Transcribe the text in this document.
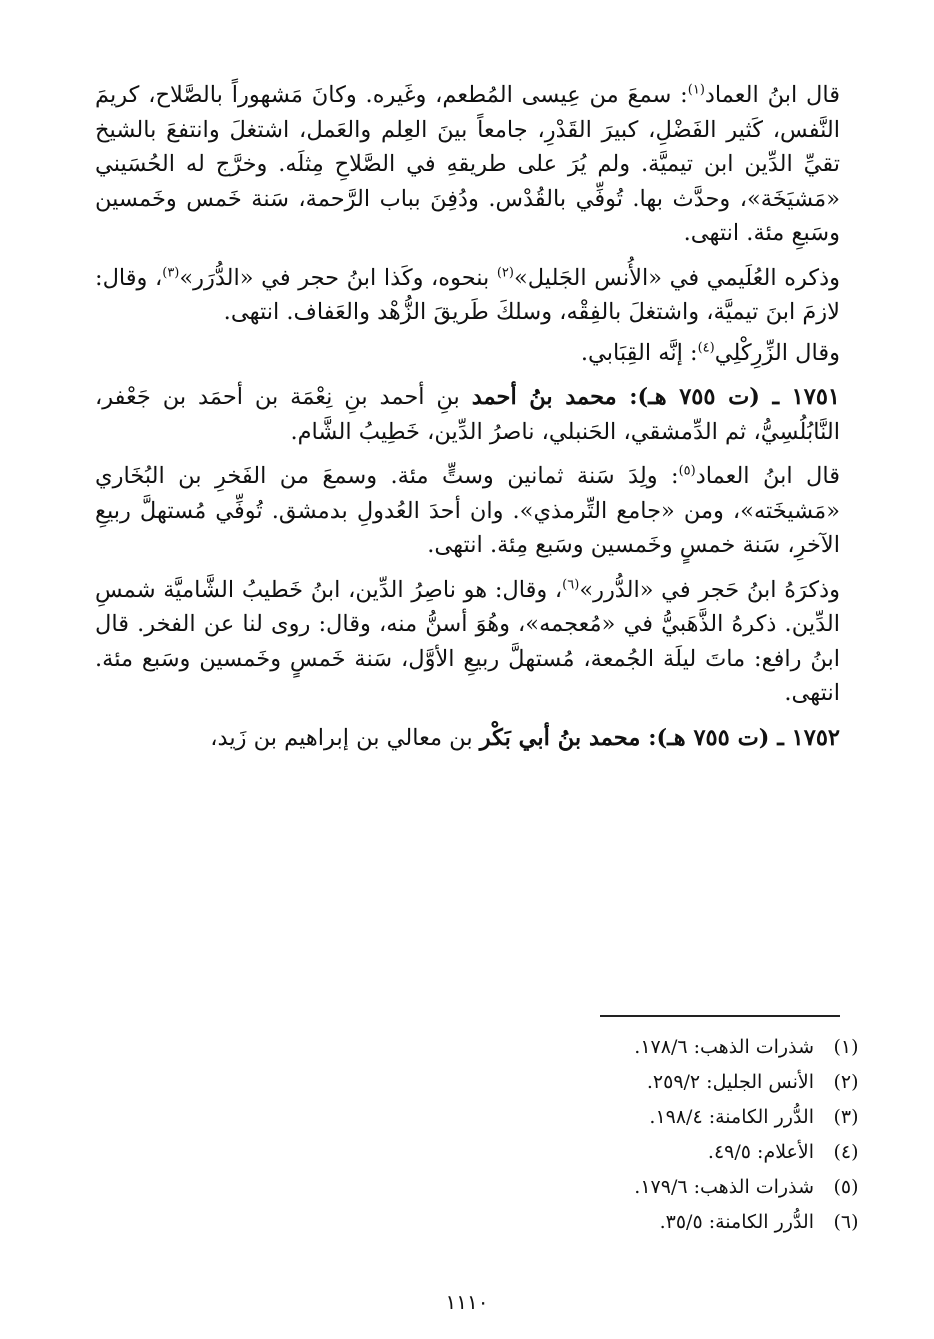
قال ابنُ العماد$^{(١)}$: سمعَ من عِيسى المُطعم، وغَيره. وكانَ مَشهوراً بالصَّلاح، كريمَ النَّفس، كَثير الفَضْلِ، كبيرَ القَدْرِ، جامعاً بينَ العِلم والعَمل، اشتغلَ وانتفعَ بالشيخ تقيِّ الدِّين ابن تيميَّة. ولم يُرَ على طريقهِ في الصَّلاحِ مِثلَه. وخرَّج له الحُسَيني «مَشيَخَة»، وحدَّث بها. تُوفِّي بالقُدْس. ودُفِنَ بباب الرَّحمة، سَنة خَمس وخَمسين وسَبعِ مئة. انتهى.

وذكره العُلَيمي في «الأُنس الجَليل»$^{(٢)}$ بنحوه، وكَذا ابنُ حجر في «الدُّرَر»$^{(٣)}$، وقال: لازمَ ابنَ تيميَّة، واشتغلَ بالفِقْه، وسلكَ طَريقَ الزُّهْد والعَفاف. انتهى.

وقال الزِّرِكْلِي$^{(٤)}$: إنَّه القِبَابي.

١٧٥١ ـ (ت ٧٥٥ هـ): محمد بنُ أحمد بنِ أحمد بنِ نِعْمَة بن أحمَد بن جَعْفر، النَّابُلُسِيُّ، ثم الدِّمشقي، الحَنبلي، ناصرُ الدِّين، خَطِيبُ الشَّام.

قال ابنُ العماد$^{(٥)}$: ولِدَ سَنة ثمانين وستٍّ مئة. وسمعَ من الفَخرِ بن البُخَاري «مَشيخَته»، ومن «جامع التِّرمذي». وان أحدَ العُدولِ بدمشق. تُوفِّي مُستهلَّ ربيعِ الآخرِ، سَنة خمسٍ وخَمسين وسَبع مِئة. انتهى.

وذكرَهُ ابنُ حَجر في «الدُّرر»$^{(٦)}$، وقال: هو ناصِرُ الدِّين، ابنُ خَطيبُ الشَّاميَّة شمسِ الدِّين. ذكرهُ الذَّهَبيُّ في «مُعجمه»، وهُوَ أسنُّ منه، وقال: روى لنا عن الفخر. قال ابنُ رافع: ماتَ ليلَة الجُمعة، مُستهلَّ ربيعِ الأوَّل، سَنة خَمسٍ وخَمسين وسَبع مئة. انتهى.

١٧٥٢ ـ (ت ٧٥٥ هـ): محمد بنُ أبي بَكْر بن معالي بن إبراهيم بن زَيد،

(١)
شذرات الذهب: ١٧٨/٦.
(٢)
الأنس الجليل: ٢٥٩/٢.
(٣)
الدُّرر الكامنة: ١٩٨/٤.
(٤)
الأعلام: ٤٩/٥.
(٥)
شذرات الذهب: ١٧٩/٦.
(٦)
الدُّرر الكامنة: ٣٥/٥.
١١١٠
